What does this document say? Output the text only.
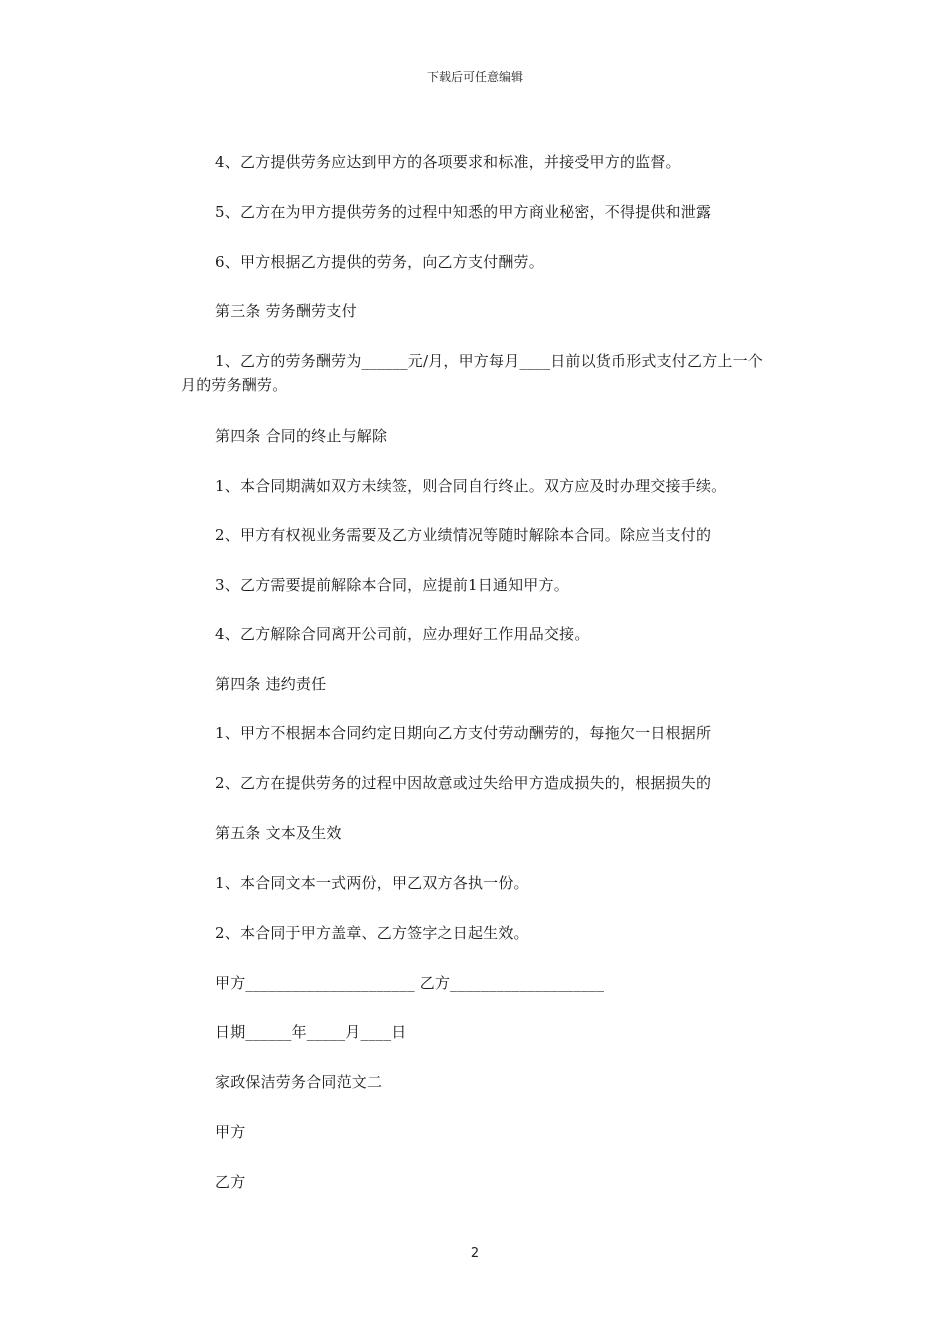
下载后可任意编辑
4、乙方提供劳务应达到甲方的各项要求和标准，并接受甲方的监督。
5、乙方在为甲方提供劳务的过程中知悉的甲方商业秘密，不得提供和泄露
6、甲方根据乙方提供的劳务，向乙方支付酬劳。
第三条 劳务酬劳支付
1、乙方的劳务酬劳为______元/月，甲方每月____日前以货币形式支付乙方上一个月的劳务酬劳。
第四条 合同的终止与解除
1、本合同期满如双方未续签，则合同自行终止。双方应及时办理交接手续。
2、甲方有权视业务需要及乙方业绩情况等随时解除本合同。除应当支付的
3、乙方需要提前解除本合同，应提前1日通知甲方。
4、乙方解除合同离开公司前，应办理好工作用品交接。
第四条 违约责任
1、甲方不根据本合同约定日期向乙方支付劳动酬劳的，每拖欠一日根据所
2、乙方在提供劳务的过程中因故意或过失给甲方造成损失的，根据损失的
第五条 文本及生效
1、本合同文本一式两份，甲乙双方各执一份。
2、本合同于甲方盖章、乙方签字之日起生效。
甲方______________________ 乙方____________________
日期______年_____月____日
家政保洁劳务合同范文二
甲方
乙方
2
